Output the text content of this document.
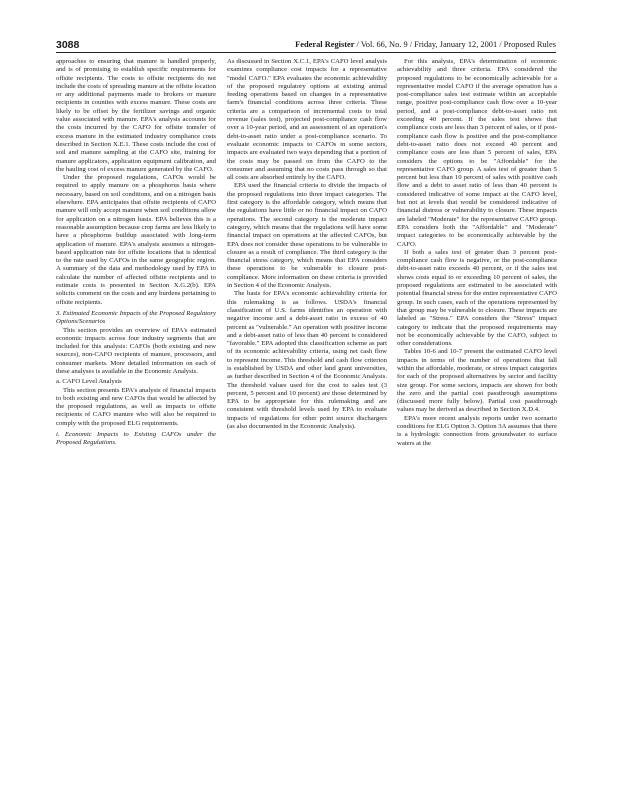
3088	Federal Register / Vol. 66, No. 9 / Friday, January 12, 2001 / Proposed Rules

approaches to ensuring that manure is handled properly, and is of promising to establish specific requirements for offsite recipients. The costs to offsite recipients do not include the costs of spreading manure at the offsite location or any additional payments made to brokers or manure recipients in counties with excess manure. These costs are likely to be offset by the fertilizer savings and organic value associated with manure. EPA's analysis accounts for the costs incurred by the CAFO for offsite transfer of excess manure in the estimated industry compliance costs described in Section X.E.1. These costs include the cost of soil and manure sampling at the CAFO site, training for manure applicators, application equipment calibration, and the hauling cost of excess manure generated by the CAFO.

Under the proposed regulations, CAFOs would be required to apply manure on a phosphorus basis where necessary, based on soil conditions, and on a nitrogen basis elsewhere. EPA anticipates that offsite recipients of CAFO manure will only accept manure when soil conditions allow for application on a nitrogen basis. EPA believes this is a reasonable assumption because crop farms are less likely to have a phosphorus buildup associated with long-term application of manure. EPA's analysis assumes a nitrogen-based application rate for offsite locations that is identical to the rate used by CAFOs in the same geographic region. A summary of the data and methodology used by EPA to calculate the number of affected offsite recipients and to estimate costs is presented in Section X.G.2(b). EPA solicits comment on the costs and any burdens pertaining to offsite recipients.

3. Estimated Economic Impacts of the Proposed Regulatory Options/Scenarios

This section provides an overview of EPA's estimated economic impacts across four industry segments that are included for this analysis: CAFOs (both existing and new sources), non-CAFO recipients of manure, processors, and consumer markets. More detailed information on each of these analyses is available in the Economic Analysis.

a. CAFO Level Analysis

This section presents EPA's analysis of financial impacts to both existing and new CAFOs that would be affected by the proposed regulations, as well as impacts to offsite recipients of CAFO manure who will also be required to comply with the proposed ELG requirements.

i. Economic Impacts to Existing CAFOs under the Proposed Regulations.

As discussed in Section X.C.1, EPA's CAFO level analysis examines compliance cost impacts for a representative "model CAFO." EPA evaluates the economic achievability of the proposed regulatory options at existing animal feeding operations based on changes in a representative farm's financial conditions across three criteria. These criteria are a comparison of incremental costs to total revenue (sales test), projected post-compliance cash flow over a 10-year period, and an assessment of an operation's debt-to-asset ratio under a post-compliance scenario. To evaluate economic impacts to CAFOs in some sectors, impacts are evaluated two ways depending that a portion of the costs may be passed on from the CAFO to the consumer and assuming that no costs pass through so that all costs are absorbed entirely by the CAFO.

EPA used the financial criteria to divide the impacts of the proposed regulations into three impact categories. The first category is the affordable category, which means that the regulations have little or no financial impact on CAFO operations. The second category is the moderate impact category, which means that the regulations will have some financial impact on operations at the affected CAFOs, but EPA does not consider these operations to be vulnerable to closure as a result of compliance. The third category is the financial stress category, which means that EPA considers these operations to be vulnerable to closure post-compliance. More information on these criteria is provided in Section 4 of the Economic Analysis.

The basis for EPA's economic achievability criteria for this rulemaking is as follows. USDA's financial classification of U.S. farms identifies an operation with negative income and a debt-asset ratio in excess of 40 percent as "vulnerable." An operation with positive income and a debt-asset ratio of less than 40 percent is considered "favorable." EPA adopted this classification scheme as part of its economic achievability criteria, using net cash flow to represent income. This threshold and cash flow criterion is established by USDA and other land grant universities, as further described in Section 4 of the Economic Analysis. The threshold values used for the cost to sales test (3 percent, 5 percent and 10 percent) are those determined by EPA to be appropriate for this rulemaking and are consistent with threshold levels used by EPA to evaluate impacts of regulations for other point source dischargers (as also documented in the Economic Analysis).

For this analysis, EPA's determination of economic achievability and three criteria. EPA considered the proposed regulations to be economically achievable for a representative model CAFO if the average operation has a post-compliance sales test estimate within an acceptable range, positive post-compliance cash flow over a 10-year period, and a post-compliance debt-to-asset ratio not exceeding 40 percent. If the sales test shows that compliance costs are less than 3 percent of sales, or if post-compliance cash flow is positive and the post-compliance debt-to-asset ratio does not exceed 40 percent and compliance costs are less than 5 percent of sales, EPA considers the options to be "Affordable" for the representative CAFO group. A sales test of greater than 5 percent but less than 10 percent of sales with positive cash flow and a debt to asset ratio of less than 40 percent is considered indicative of some impact at the CAFO level, but not at levels that would be considered indicative of financial distress or vulnerability to closure. These impacts are labeled "Moderate" for the representative CAFO group. EPA considers both the "Affordable" and "Moderate" impact categories to be economically achievable by the CAFO.

If both a sales test of greater than 3 percent post-compliance cash flow is negative, or the post-compliance debt-to-asset ratio exceeds 40 percent, or if the sales test shows costs equal to or exceeding 10 percent of sales, the proposed regulations are estimated to be associated with potential financial stress for the entire representative CAFO group. In such cases, each of the operations represented by that group may be vulnerable to closure. These impacts are labeled as "Stress." EPA considers the "Stress" impact category to indicate that the proposed requirements may not be economically achievable by the CAFO, subject to other considerations.

Tables 10-6 and 10-7 present the estimated CAFO level impacts in terms of the number of operations that fall within the affordable, moderate, or stress impact categories for each of the proposed alternatives by sector and facility size group. For some sectors, impacts are shown for both the zero and the partial cost passthrough assumptions (discussed more fully below). Partial cost passthrough values may be derived as described in Section X.D.4.

EPA's more recent analysis reports under two scenario conditions for ELG Option 3. Option 3A assumes that there is a hydrologic connection from groundwater to surface waters at the
